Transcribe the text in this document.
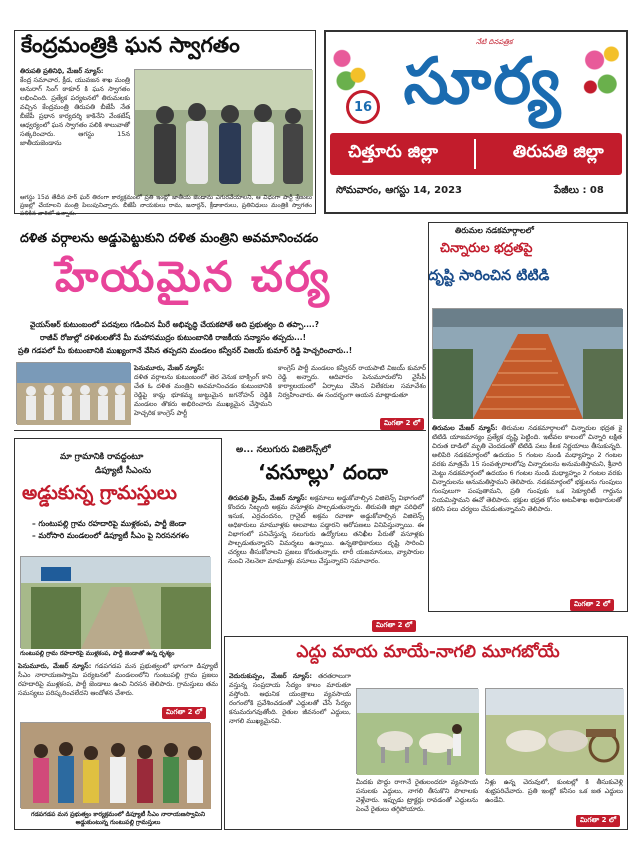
కేంద్రమంత్రికి ఘన స్వాగతం
తిరుపతి ప్రతినిధి, మేజర్ న్యూస్:
కేంద్ర సమాచార, క్రీడ, యువజన శాఖ మంత్రి అనురాగ్ సింగ్ ఠాకూర్ కి ఘన స్వాగతం లభించింది. ప్రత్యేక పర్యటనలో తిరుమలకు వచ్చిన కేంద్రమంత్రి తిరుపతి బీజేపీ నేత బీజేపీ ప్రధాన కార్యదర్శి కాకినేని వేంకటేష్ ఆధ్వర్యంలో ఘన స్వాగతం పలికి శాలువాతో సత్కరించారు. ఆగస్టు 15న జాతీయజెండాను
ఆగస్టు 15వ తేదీన హర్ ఘర్ తిరంగా కార్యక్రమంలో ప్రతి ఇంట్లో జాతీయ జెండాను ఎగురవేయాలని, ఆ విధంగా పార్టీ శ్రేణులు ప్రజల్లో చేయాలని మంత్రి పిలుపునిచ్చారు. బీజేపీ నాయకులు రామ, జనార్దన్, క్రీడాకారులు, ప్రతినిధులు మంత్రికి స్వాగతం పలికిన వారిలో ఉన్నారు.
నేటి దినపత్రిక
16 సూర్య
చిత్తూరు జిల్లా	తిరుపతి జిల్లా
సోమవారం, ఆగస్టు 14, 2023	పేజీలు : 08
దళిత వర్గాలను అడ్డుపెట్టుకుని దళిత మంత్రిని అవమానించడం
హేయమైన చర్య
వైయస్ఆర్ కుటుంబంలో పదవులు గడించిన మీరే అభివృద్ధి చేయకపోతే అది ప్రభుత్వం ది తప్పా....?
రాజీవ్ రోజుల్లో దళితులతోనే మీ మహాసముద్రం కుటుంబానికి రాజకీయ సన్యాసం తప్పదు...!
ప్రతి గడపలో మీ కుటుంబానికి ముఖ్యంగానే వేసిన తప్పదని మండలం కన్వీనర్ విజయ్ కుమార్ రెడ్డి హెచ్చరించారు..!
పెనుమూరు, మేజర్ న్యూస్:
దళిత వర్గాలను కుటుంబంలో తెర వెనుక బాక్సింగ్ కాని చేత ఓ దళిత మంత్రిని అవమానించడం కుటుంబానికి రెడ్డిపై కామ్ల భూకమ్మ జుట్టుమైన జగనోహన్ రెడ్డికి మండలం తొకరు అభిరించారు ముఖ్యమైన చేస్తామని హెచ్చరిక కాంగ్రెస్ పార్టీ
కాంగ్రెస్ పార్టీ మండలం కన్వీనర్ రాయపాటి విజయ్ కుమార్ రెడ్డి అన్నారు. ఆదివారం పెనుమూరులోని వైసీపీ కార్యాలయంలో ఏర్పాటు చేసిన విలేకరుల సమావేశం నిర్వహించారు. ఈ సందర్భంగా ఆయన మాట్లాడుతూ
మిగతా 2 లో
తిరుమల నడకమార్గాలలో
చిన్నారుల భద్రతపై
దృష్టి సారించిన టిటిడి
తిరుమల మేజర్ న్యూస్: తిరుమల నడకమార్గాలలో చిన్నారుల భద్రత కై టిటిడి యాజమాన్యం ప్రత్యేక దృష్టి పెట్టింది. ఇటీవల కాలంలో చిన్నారి లక్షిత చిరుత దాడిలో మృతి చెందడంతో టిటిడి పలు కీలక నిర్ణయాలు తీసుకున్నది. అలిపిరి నడకమార్గంలో ఉదయం 5 గంటల నుండి మధ్యాహ్నం 2 గంటల వరకు మాత్రమే 15 సంవత్సరాలలోపు చిన్నారులను అనుమతిస్తామని, శ్రీవారి మెట్టు నడకమార్గంలో ఉదయం 6 గంటల నుండి మధ్యాహ్నం 2 గంటల వరకు చిన్నారులను అనుమతిస్తామని తెలిపారు. నడకమార్గంలో భక్తులను గుంపులు గుంపులుగా పంపుతామని, ప్రతి గుంపుకు ఒక సెక్యూరిటీ గార్డును నియమిస్తామని ఈవో తెలిపారు. భక్తుల భద్రత కోసం అటవీశాఖ అధికారులతో కలిసి పలు చర్యలు చేపడుతున్నామని తెలిపారు.
మిగతా 2 లో
మా గ్రామానికి రావద్దంటూ
డిప్యూటీ సీఎంను
అడ్డుకున్న గ్రామస్తులు
– గుంటుపల్లి గ్రామ రహదారిపై ముళ్లకంప, పార్టీ జెండా
– మరోసారి మండలంలో డిప్యూటీ సీఎం పై నిరసనగళం
గుంటుపల్లి గ్రామ రహదారిపై ముళ్లకంప, పార్టీ జెండాతో ఉన్న దృశ్యం
పెనుమూరు, మేజర్ న్యూస్: గడపగడప మన ప్రభుత్వంలో భాగంగా డిప్యూటీ సీఎం నారాయణస్వామి పర్యటనలో మండలంలోని గుంటుపల్లి గ్రామ ప్రజలు రహదారిపై ముళ్లకంప, పార్టీ జెండాలు ఉంచి నిరసన తెలిపారు. గ్రామస్తులు తమ సమస్యలు పరిష్కరించలేదని ఆందోళన చేశారు.
మిగతా 2 లో
గడపగడప మన ప్రభుత్వం కార్యక్రమంలో డిప్యూటీ సీఎం నారాయణస్వామిని అడ్డుకుంటున్న గుంటుపల్లి గ్రామస్తులు
అ... నలుగురు విజిలెన్స్‌లో
‘వసూల్లు’ దందా
తిరుపతి క్రైమ్, మేజర్ న్యూస్: అక్రమాలు అడ్డుకోవాల్సిన విజిలెన్స్ విభాగంలో కొందరు సిబ్బంది అక్రమ వసూళ్లకు పాల్పడుతున్నారు. తిరుపతి జిల్లా పరిధిలో ఇసుక, ఎర్రచందనం, గ్రానైట్ అక్రమ రవాణా అడ్డుకోవాల్సిన విజిలెన్స్ అధికారులు మామూళ్లకు అలవాటు పడ్డారని ఆరోపణలు వినిపిస్తున్నాయి. ఈ విభాగంలో పనిచేస్తున్న నలుగురు ఉద్యోగులు తనిఖీల పేరుతో వసూళ్లకు పాల్పడుతున్నారని విమర్శలు ఉన్నాయి. ఉన్నతాధికారులు దృష్టి సారించి చర్యలు తీసుకోవాలని ప్రజలు కోరుతున్నారు. లారీ యజమానులు, వ్యాపారుల నుంచి నెలనెలా మామూళ్లు వసూలు చేస్తున్నారని సమాచారం.
మిగతా 2 లో
ఎద్దు మాయ మాయే-నాగలి మూగబోయే
వెదురుకుప్పం, మేజర్ న్యూస్: తరతరాలుగా వస్తున్న సంప్రదాయ సేద్యం కాలం మారుతూ వస్తోంది. ఆధునిక యంత్రాలు వ్యవసాయ రంగంలోకి ప్రవేశించడంతో ఎద్దులతో చేసే సేద్యం కనుమరుగవుతోంది. రైతుల జీవనంలో ఎద్దులు, నాగలి ముఖ్యమైనవి.
మీదకు పొద్దు రాగానే రైతులందరూ వ్యవసాయ పనులకు ఎద్దులు, నాగలి తీసుకొని పొలాలకు వెళ్లేవారు. ఇప్పుడు ట్రాక్టర్లు రావడంతో ఎద్దులను పెంచే రైతులు తగ్గిపోయారు.
నీళ్లు ఉన్న చెరువులో, కుంటల్లో కి తీసుకువెళ్లి శుభ్రపరిచేవారు. ప్రతి ఇంట్లో కనీసం ఒక జత ఎద్దులు ఉండేవి.
మిగతా 2 లో
